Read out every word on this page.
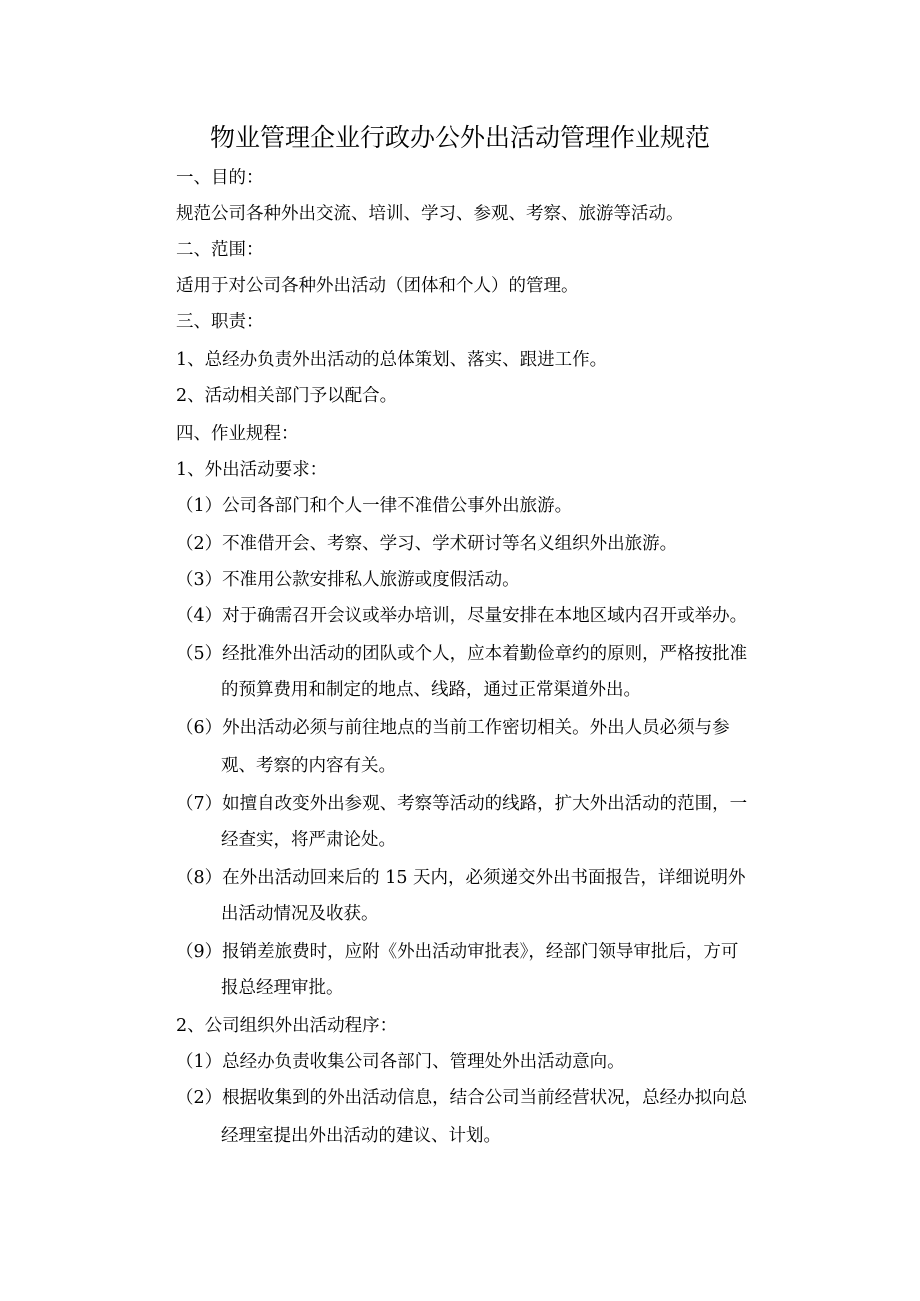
物业管理企业行政办公外出活动管理作业规范
一、目的：
规范公司各种外出交流、培训、学习、参观、考察、旅游等活动。
二、范围：
适用于对公司各种外出活动（团体和个人）的管理。
三、职责：
1、总经办负责外出活动的总体策划、落实、跟进工作。
2、活动相关部门予以配合。
四、作业规程：
1、外出活动要求：
（1）公司各部门和个人一律不准借公事外出旅游。
（2）不准借开会、考察、学习、学术研讨等名义组织外出旅游。
（3）不准用公款安排私人旅游或度假活动。
（4）对于确需召开会议或举办培训，尽量安排在本地区域内召开或举办。
（5）经批准外出活动的团队或个人，应本着勤俭章约的原则，严格按批准
的预算费用和制定的地点、线路，通过正常渠道外出。
（6）外出活动必须与前往地点的当前工作密切相关。外出人员必须与参
观、考察的内容有关。
（7）如擅自改变外出参观、考察等活动的线路，扩大外出活动的范围，一
经查实，将严肃论处。
（8）在外出活动回来后的 15 天内，必须递交外出书面报告，详细说明外
出活动情况及收获。
（9）报销差旅费时，应附《外出活动审批表》，经部门领导审批后，方可
报总经理审批。
2、公司组织外出活动程序：
（1）总经办负责收集公司各部门、管理处外出活动意向。
（2）根据收集到的外出活动信息，结合公司当前经营状况，总经办拟向总
经理室提出外出活动的建议、计划。
